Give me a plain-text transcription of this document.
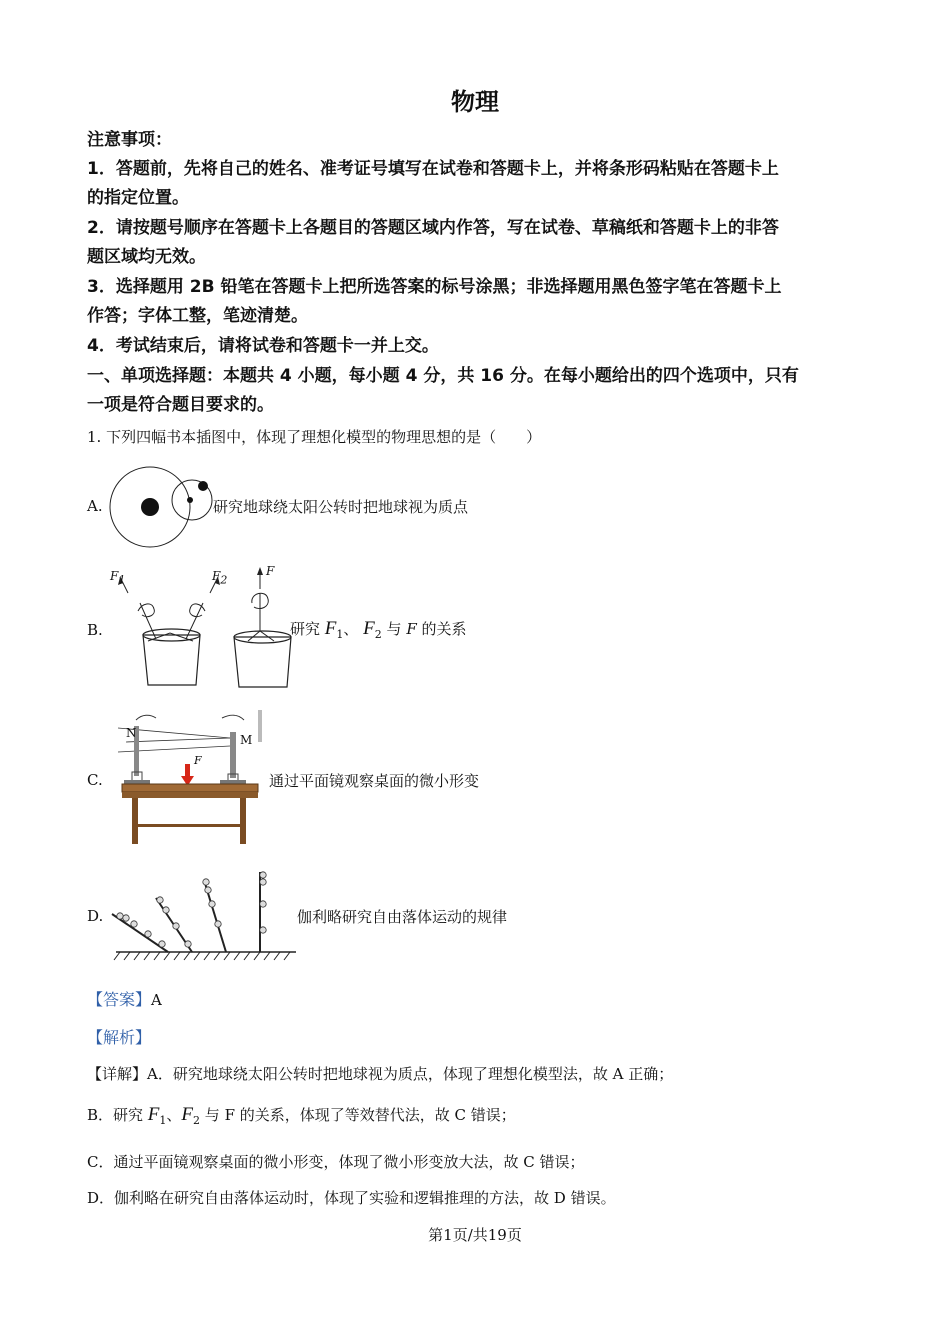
物理
注意事项：
1．答题前，先将自己的姓名、准考证号填写在试卷和答题卡上，并将条形码粘贴在答题卡上
的指定位置。
2．请按题号顺序在答题卡上各题目的答题区域内作答，写在试卷、草稿纸和答题卡上的非答
题区域均无效。
3．选择题用 2B 铅笔在答题卡上把所选答案的标号涂黑；非选择题用黑色签字笔在答题卡上
作答；字体工整，笔迹清楚。
4．考试结束后，请将试卷和答题卡一并上交。
一、单项选择题：本题共 4 小题，每小题 4 分，共 16 分。在每小题给出的四个选项中，只有
一项是符合题目要求的。
1. 下列四幅书本插图中，体现了理想化模型的物理思想的是（　　）
A.	研究地球绕太阳公转时把地球视为质点
B.
$F_1$	$F_2$
F
研究 $F_1$、 $F_2$ 与 F 的关系
C.
N	M
F
通过平面镜观察桌面的微小形变
D.	伽利略研究自由落体运动的规律
【答案】A
【解析】
【详解】A．研究地球绕太阳公转时把地球视为质点，体现了理想化模型法，故 A 正确；
B．研究 $F_1$、$F_2$ 与 F 的关系，体现了等效替代法，故 C 错误；
C．通过平面镜观察桌面的微小形变，体现了微小形变放大法，故 C 错误；
D．伽利略在研究自由落体运动时，体现了实验和逻辑推理的方法，故 D 错误。
第1页/共19页
